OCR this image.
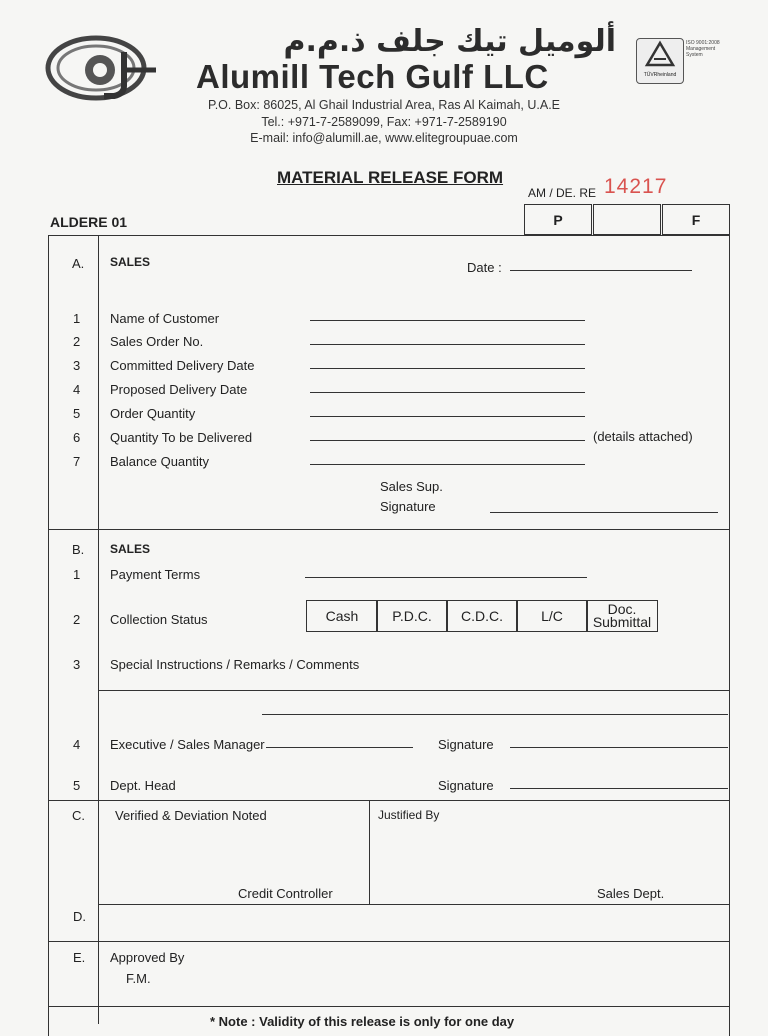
ألوميل تيك جلف ذ.م.م
Alumill Tech Gulf LLC	TÜVRheinland
ISO 9001:2008
Management
System
P.O. Box: 86025, Al Ghail Industrial Area, Ras Al Kaimah, U.A.E
Tel.: +971-7-2589099, Fax: +971-7-2589190
E-mail: info@alumill.ae, www.elitegroupuae.com
MATERIAL RELEASE FORM
AM / DE. RE 14217
ALDERE 01	P	F
A. SALES	Date :
1 Name of Customer
2 Sales Order No.
3 Committed Delivery Date
4 Proposed Delivery Date
5 Order Quantity
6 Quantity To be Delivered	(details attached)
7 Balance Quantity
Sales Sup.
Signature
B. SALES
1 Payment Terms
2 Collection Status	Cash	P.D.C.	C.D.C.	L/C	Doc.
Submittal
3 Special Instructions / Remarks / Comments
4 Executive / Sales Manager	Signature
5 Dept. Head	Signature
C. Verified & Deviation Noted	Justified By
Credit Controller	Sales Dept.
D.
E. Approved By
F.M.
* Note : Validity of this release is only for one day
